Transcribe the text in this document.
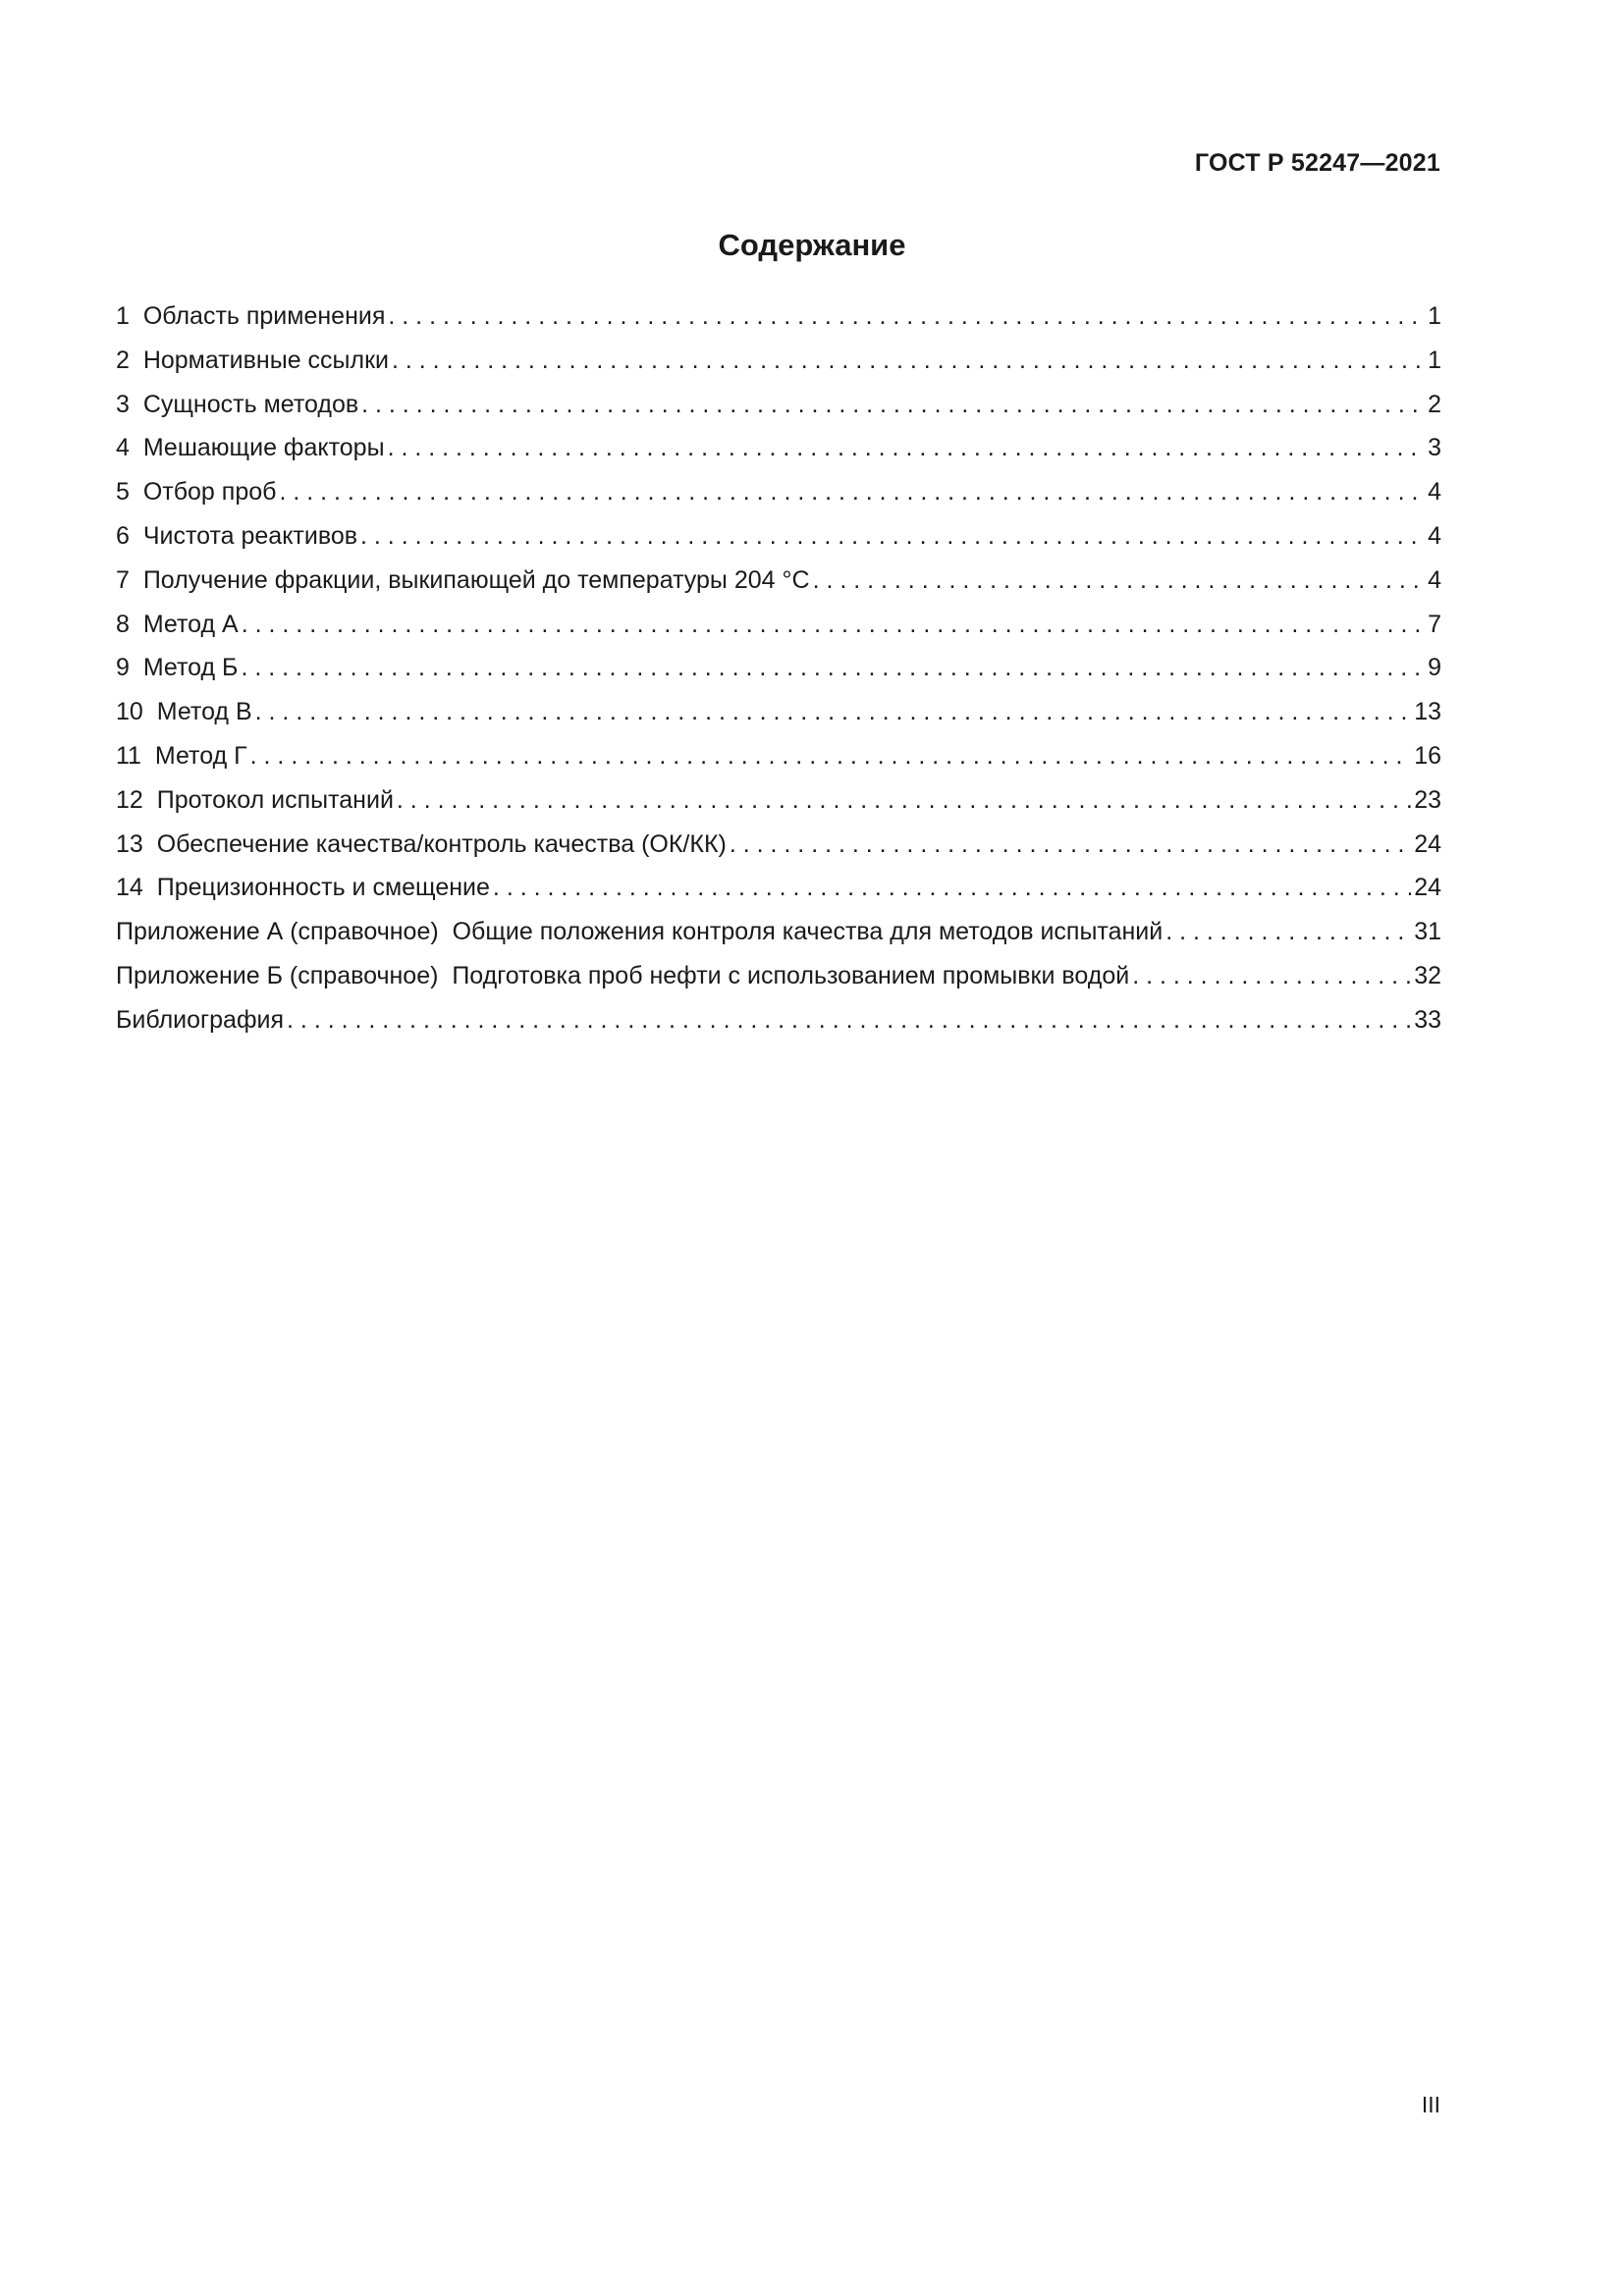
ГОСТ Р 52247—2021
Содержание
1 Область применения . . .	1
2 Нормативные ссылки . . .	1
3 Сущность методов . . .	2
4 Мешающие факторы . . .	3
5 Отбор проб . . .	4
6 Чистота реактивов . . .	4
7 Получение фракции, выкипающей до температуры 204 °С . . .	4
8 Метод А . . .	7
9 Метод Б . . .	9
10 Метод В . . .	13
11 Метод Г . . .	16
12 Протокол испытаний . . .	23
13 Обеспечение качества/контроль качества (ОК/КК) . . .	24
14 Прецизионность и смещение . . .	24
Приложение А (справочное) Общие положения контроля качества для методов испытаний . . .	31
Приложение Б (справочное) Подготовка проб нефти с использованием промывки водой . . .	32
Библиография . . .	33
III
